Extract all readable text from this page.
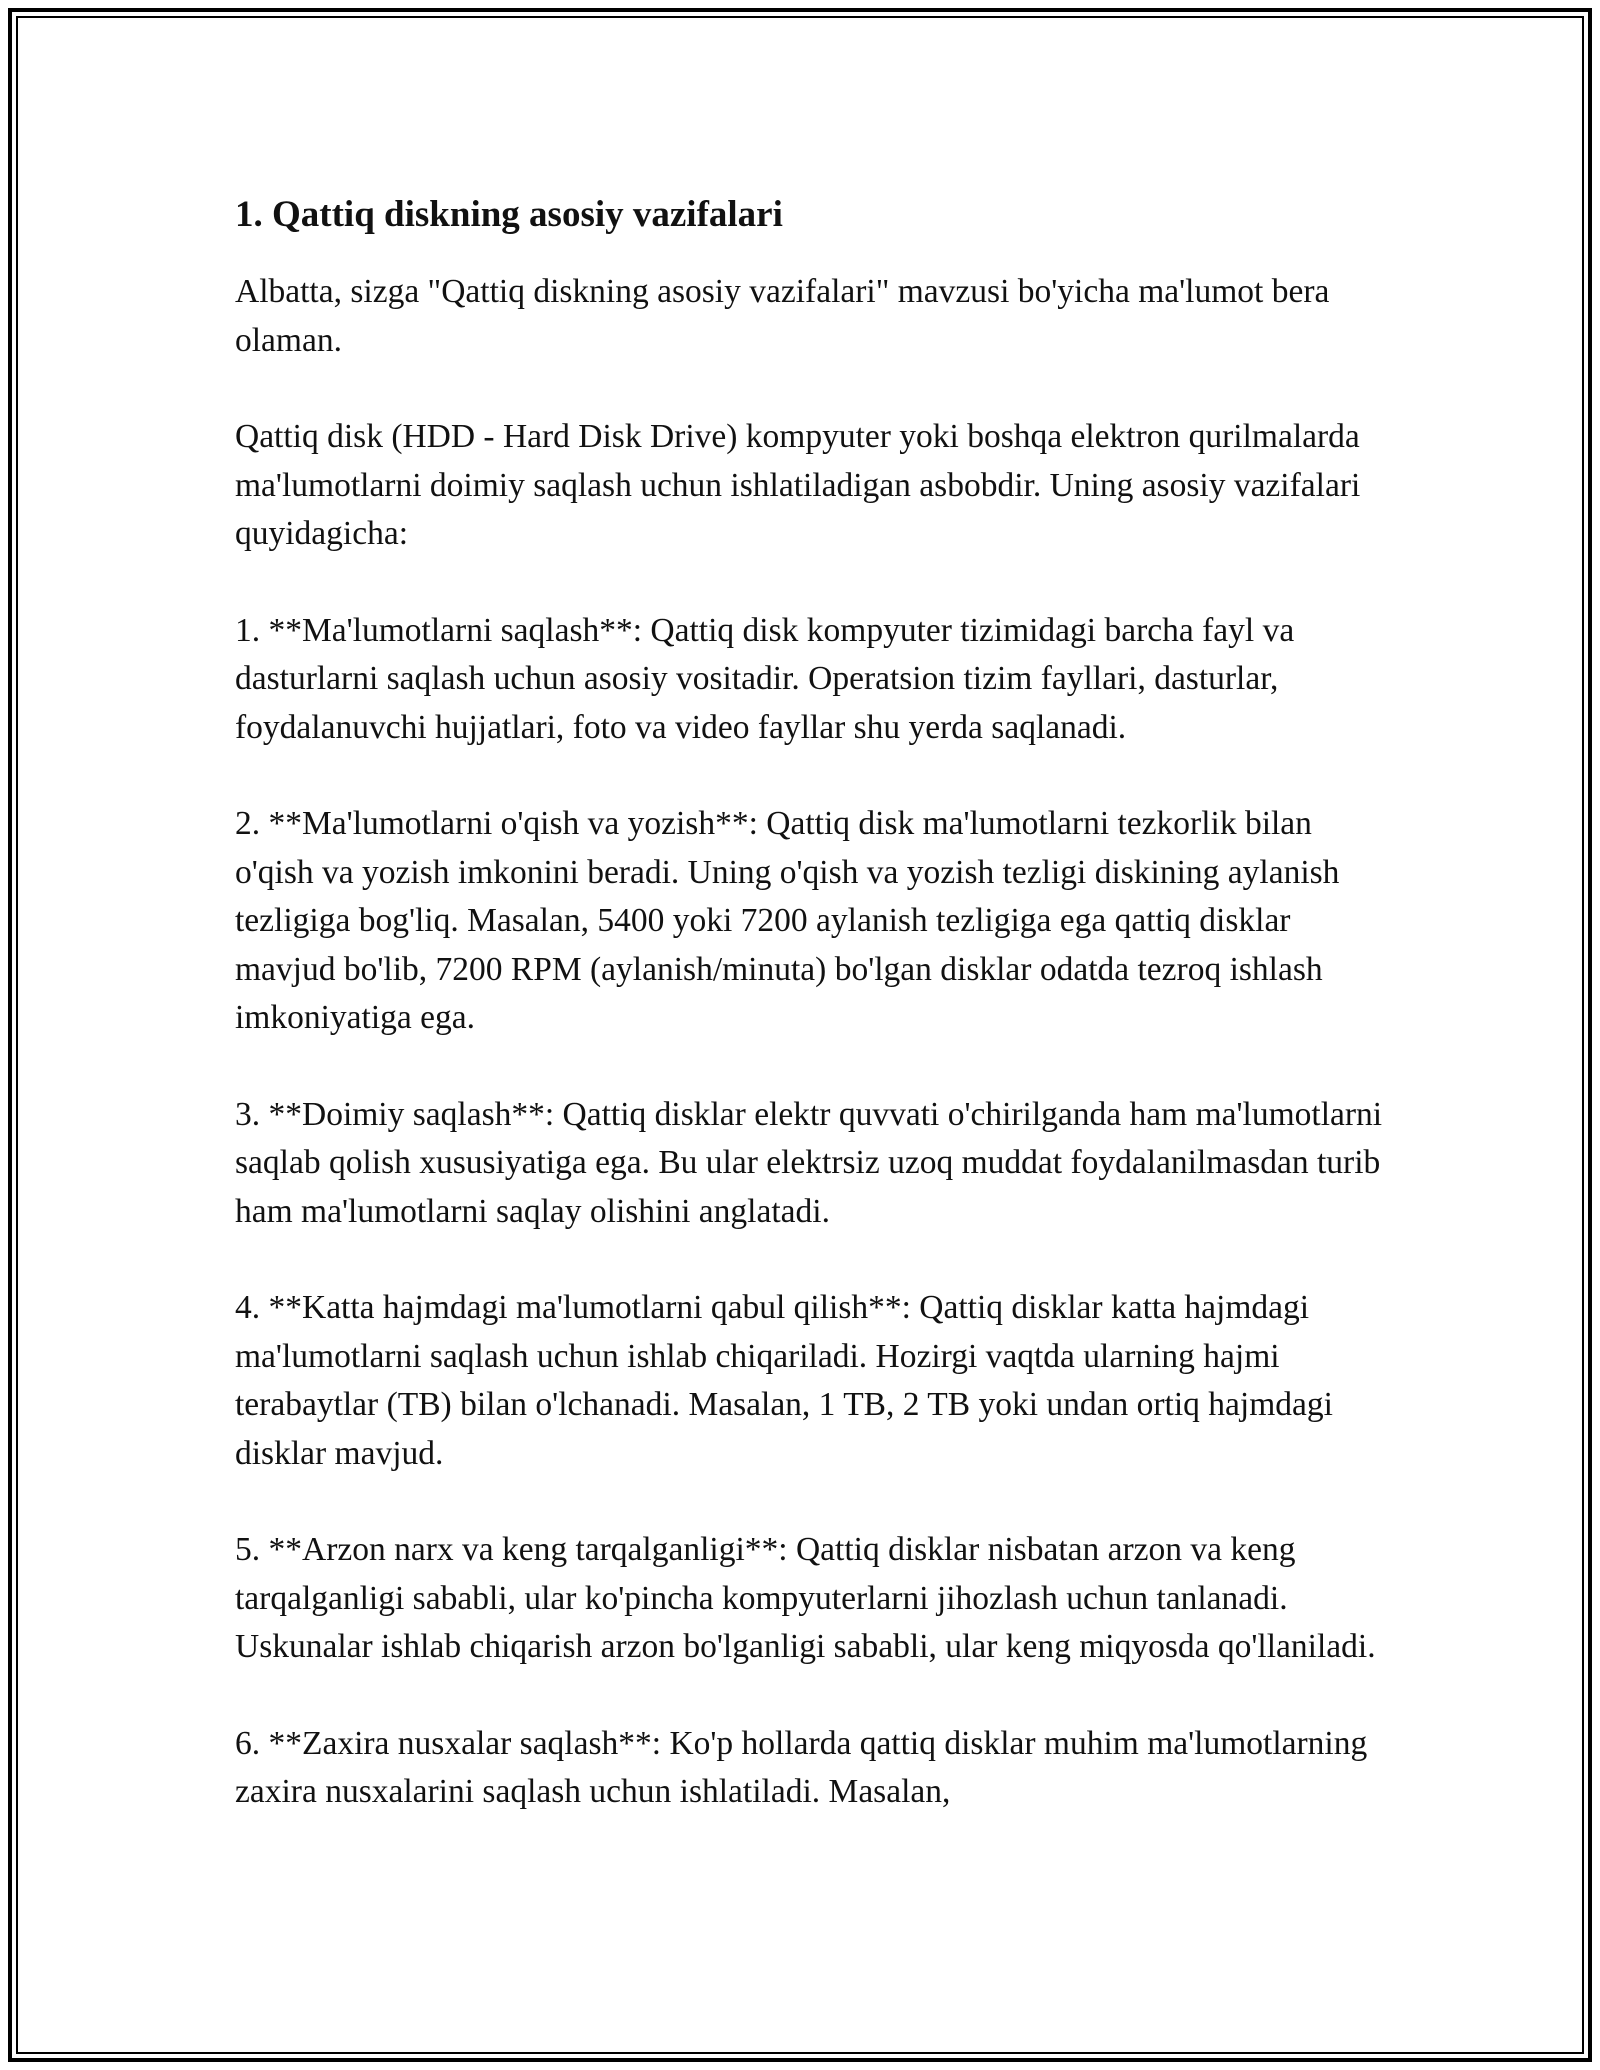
1. Qattiq diskning asosiy vazifalari

Albatta, sizga "Qattiq diskning asosiy vazifalari" mavzusi bo'yicha ma'lumot bera olaman.

Qattiq disk (HDD - Hard Disk Drive) kompyuter yoki boshqa elektron qurilmalarda ma'lumotlarni doimiy saqlash uchun ishlatiladigan asbobdir. Uning asosiy vazifalari quyidagicha:

1. **Ma'lumotlarni saqlash**: Qattiq disk kompyuter tizimidagi barcha fayl va dasturlarni saqlash uchun asosiy vositadir. Operatsion tizim fayllari, dasturlar, foydalanuvchi hujjatlari, foto va video fayllar shu yerda saqlanadi.

2. **Ma'lumotlarni o'qish va yozish**: Qattiq disk ma'lumotlarni tezkorlik bilan o'qish va yozish imkonini beradi. Uning o'qish va yozish tezligi diskining aylanish tezligiga bog'liq. Masalan, 5400 yoki 7200 aylanish tezligiga ega qattiq disklar mavjud bo'lib, 7200 RPM (aylanish/minuta) bo'lgan disklar odatda tezroq ishlash imkoniyatiga ega.

3. **Doimiy saqlash**: Qattiq disklar elektr quvvati o'chirilganda ham ma'lumotlarni saqlab qolish xususiyatiga ega. Bu ular elektrsiz uzoq muddat foydalanilmasdan turib ham ma'lumotlarni saqlay olishini anglatadi.

4. **Katta hajmdagi ma'lumotlarni qabul qilish**: Qattiq disklar katta hajmdagi ma'lumotlarni saqlash uchun ishlab chiqariladi. Hozirgi vaqtda ularning hajmi terabaytlar (TB) bilan o'lchanadi. Masalan, 1 TB, 2 TB yoki undan ortiq hajmdagi disklar mavjud.

5. **Arzon narx va keng tarqalganligi**: Qattiq disklar nisbatan arzon va keng tarqalganligi sababli, ular ko'pincha kompyuterlarni jihozlash uchun tanlanadi. Uskunalar ishlab chiqarish arzon bo'lganligi sababli, ular keng miqyosda qo'llaniladi.

6. **Zaxira nusxalar saqlash**: Ko'p hollarda qattiq disklar muhim ma'lumotlarning zaxira nusxalarini saqlash uchun ishlatiladi. Masalan,
